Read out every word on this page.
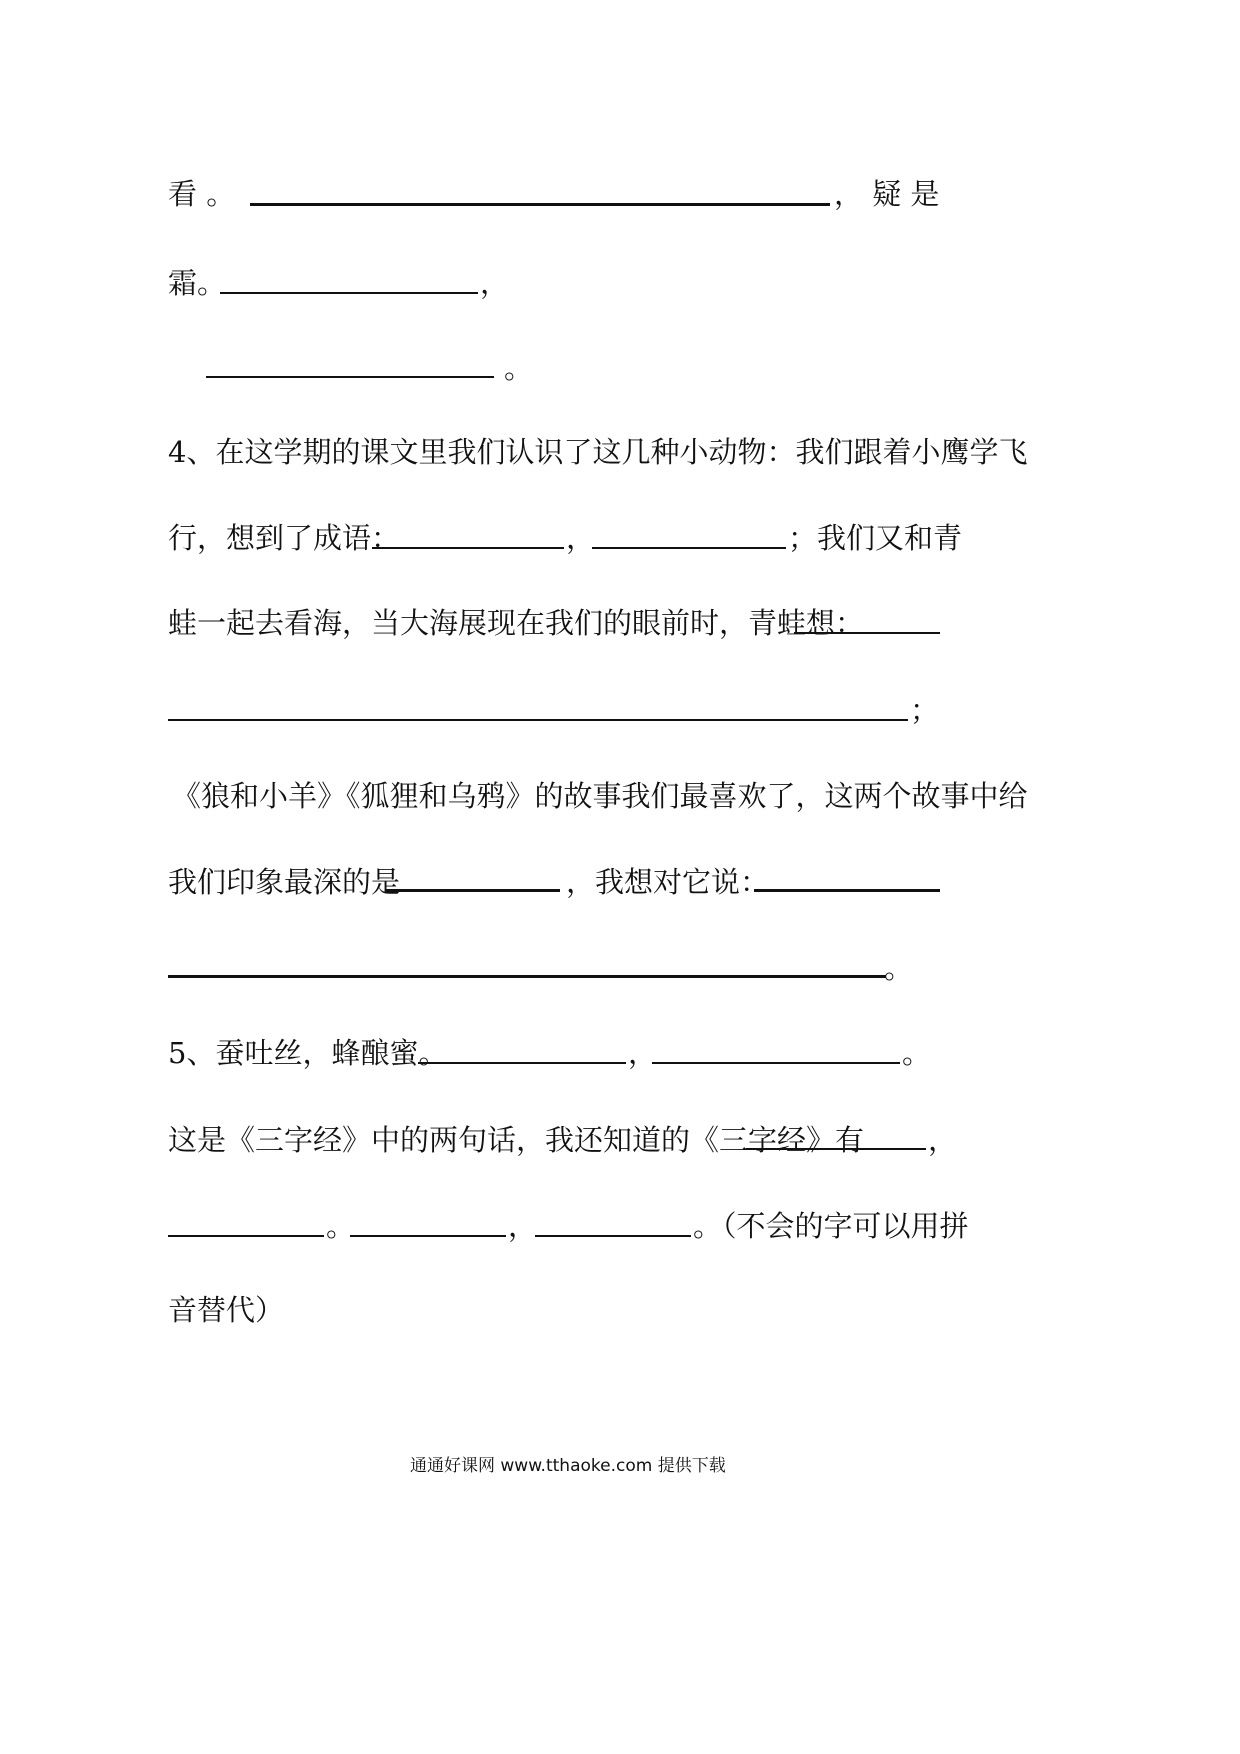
看 。	， 疑 是
霜。	，
。
4、在这学期的课文里我们认识了这几种小动物：我们跟着小鹰学飞
行，想到了成语：	，	；我们又和青
蛙一起去看海，当大海展现在我们的眼前时，青蛙想：
；
《狼和小羊》《狐狸和乌鸦》的故事我们最喜欢了，这两个故事中给
我们印象最深的是	，我想对它说：
。
5、蚕吐丝，蜂酿蜜。	，	。
这是《三字经》中的两句话，我还知道的《三字经》有 ，
。	，	。（不会的字可以用拼
音替代）
通通好课网 www.tthaoke.com 提供下载
